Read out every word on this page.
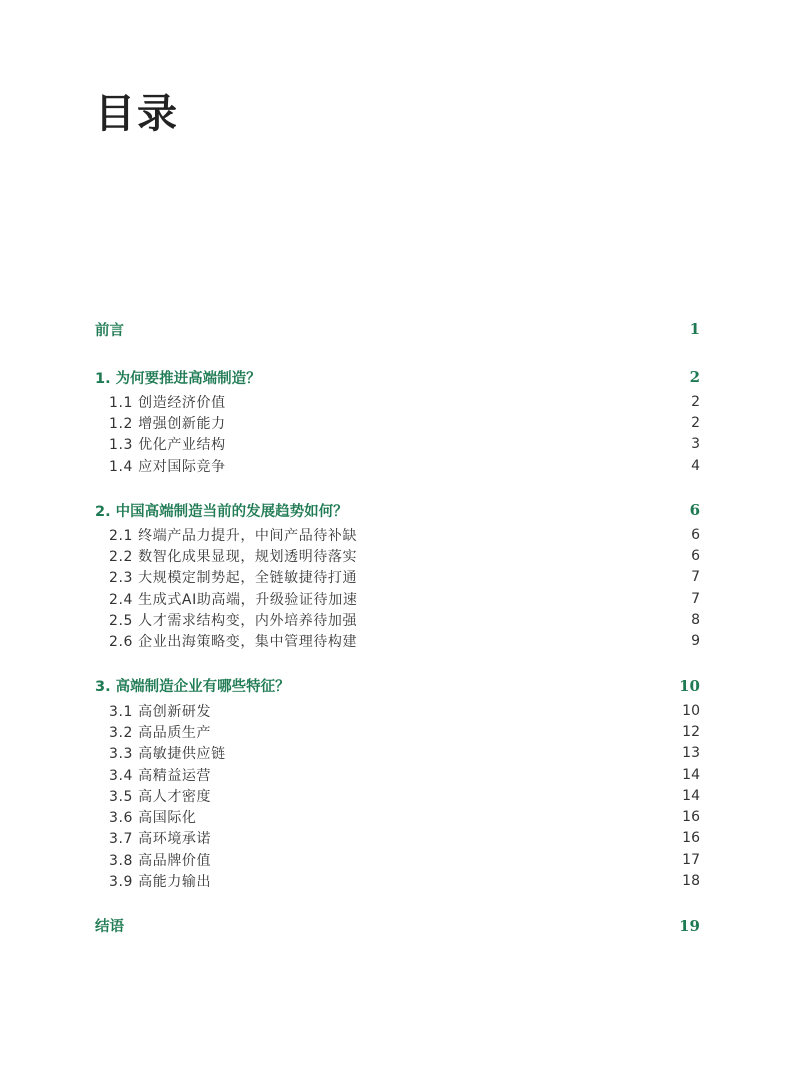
目录
前言	1
1. 为何要推进高端制造？	2
1.1 创造经济价值	2
1.2 增强创新能力	2
1.3 优化产业结构	3
1.4 应对国际竞争	4
2. 中国高端制造当前的发展趋势如何？	6
2.1 终端产品力提升，中间产品待补缺	6
2.2 数智化成果显现，规划透明待落实	6
2.3 大规模定制势起，全链敏捷待打通	7
2.4 生成式AI助高端，升级验证待加速	7
2.5 人才需求结构变，内外培养待加强	8
2.6 企业出海策略变，集中管理待构建	9
3. 高端制造企业有哪些特征？	10
3.1 高创新研发	10
3.2 高品质生产	12
3.3 高敏捷供应链	13
3.4 高精益运营	14
3.5 高人才密度	14
3.6 高国际化	16
3.7 高环境承诺	16
3.8 高品牌价值	17
3.9 高能力输出	18
结语	19
